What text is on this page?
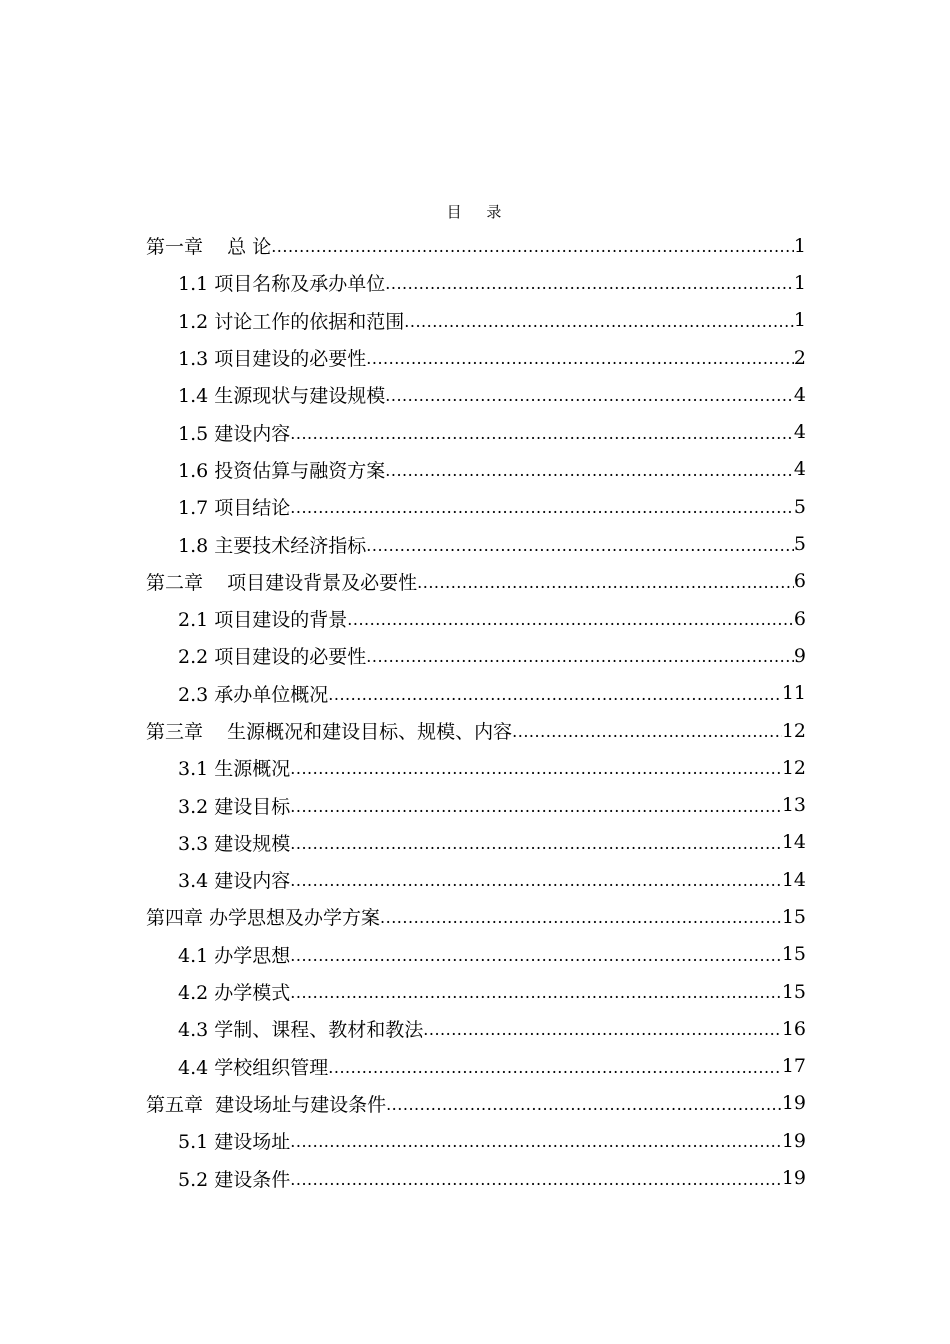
目 录
第一章    总 论 .....	1
1.1 项目名称及承办单位 .....	1
1.2 讨论工作的依据和范围 .....	1
1.3 项目建设的必要性 .....	2
1.4 生源现状与建设规模 .....	4
1.5 建设内容 .....	4
1.6 投资估算与融资方案 .....	4
1.7 项目结论 .....	5
1.8 主要技术经济指标 .....	5
第二章    项目建设背景及必要性 .....	6
2.1 项目建设的背景 .....	6
2.2 项目建设的必要性 .....	9
2.3 承办单位概况 .....	11
第三章    生源概况和建设目标、规模、内容 .....	12
3.1 生源概况 .....	12
3.2 建设目标 .....	13
3.3 建设规模 .....	14
3.4 建设内容 .....	14
第四章 办学思想及办学方案 .....	15
4.1 办学思想 .....	15
4.2 办学模式 .....	15
4.3 学制、课程、教材和教法 .....	16
4.4 学校组织管理 .....	17
第五章  建设场址与建设条件 .....	19
5.1 建设场址 .....	19
5.2 建设条件 .....	19
